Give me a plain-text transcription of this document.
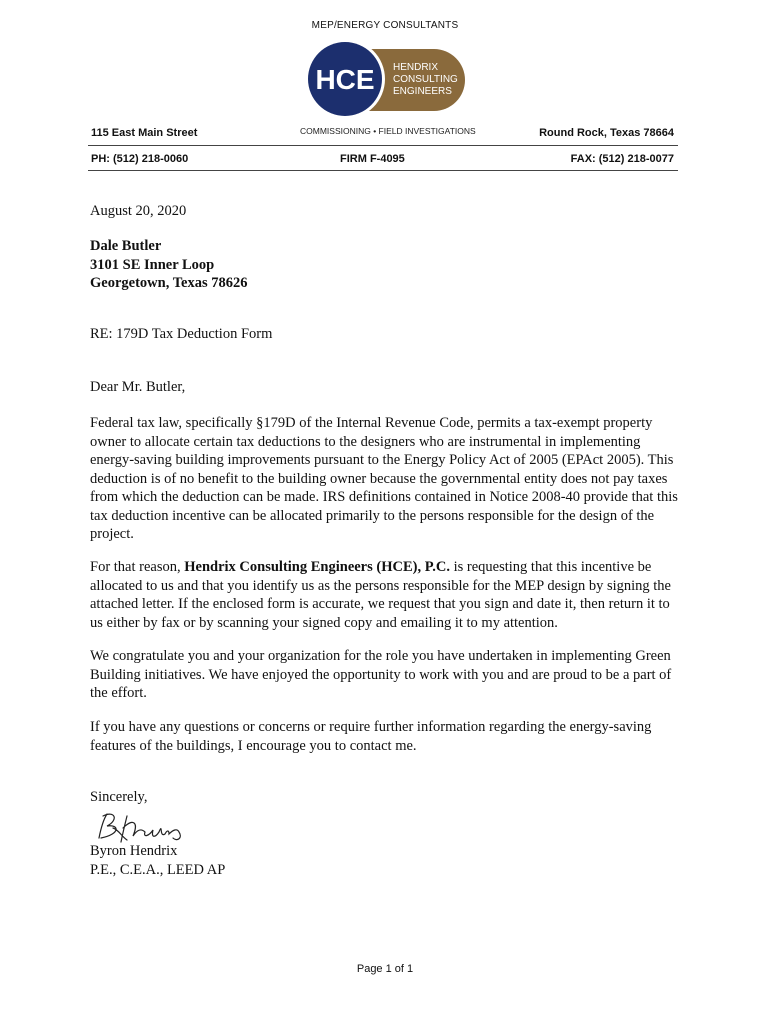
MEP/ENERGY CONSULTANTS
HCE HENDRIX
CONSULTING
ENGINEERS
COMMISSIONING • FIELD INVESTIGATIONS
115 East Main Street	Round Rock, Texas 78664
PH: (512) 218-0060	FIRM F-4095	FAX: (512) 218-0077
August 20, 2020

Dale Butler

3101 SE Inner Loop

Georgetown, Texas 78626

RE: 179D Tax Deduction Form
Dear Mr. Butler,
Federal tax law, specifically §179D of the Internal Revenue Code, permits a tax-exempt property owner to allocate certain tax deductions to the designers who are instrumental in implementing energy-saving building improvements pursuant to the Energy Policy Act of 2005 (EPAct 2005). This deduction is of no benefit to the building owner because the governmental entity does not pay taxes from which the deduction can be made. IRS definitions contained in Notice 2008-40 provide that this tax deduction incentive can be allocated primarily to the persons responsible for the design of the project.
For that reason, Hendrix Consulting Engineers (HCE), P.C. is requesting that this incentive be allocated to us and that you identify us as the persons responsible for the MEP design by signing the attached letter. If the enclosed form is accurate, we request that you sign and date it, then return it to us either by fax or by scanning your signed copy and emailing it to my attention.
We congratulate you and your organization for the role you have undertaken in implementing Green Building initiatives. We have enjoyed the opportunity to work with you and are proud to be a part of the effort.
If you have any questions or concerns or require further information regarding the energy-saving features of the buildings, I encourage you to contact me.
Sincerely,

Byron Hendrix

P.E., C.E.A., LEED AP

Page 1 of 1
